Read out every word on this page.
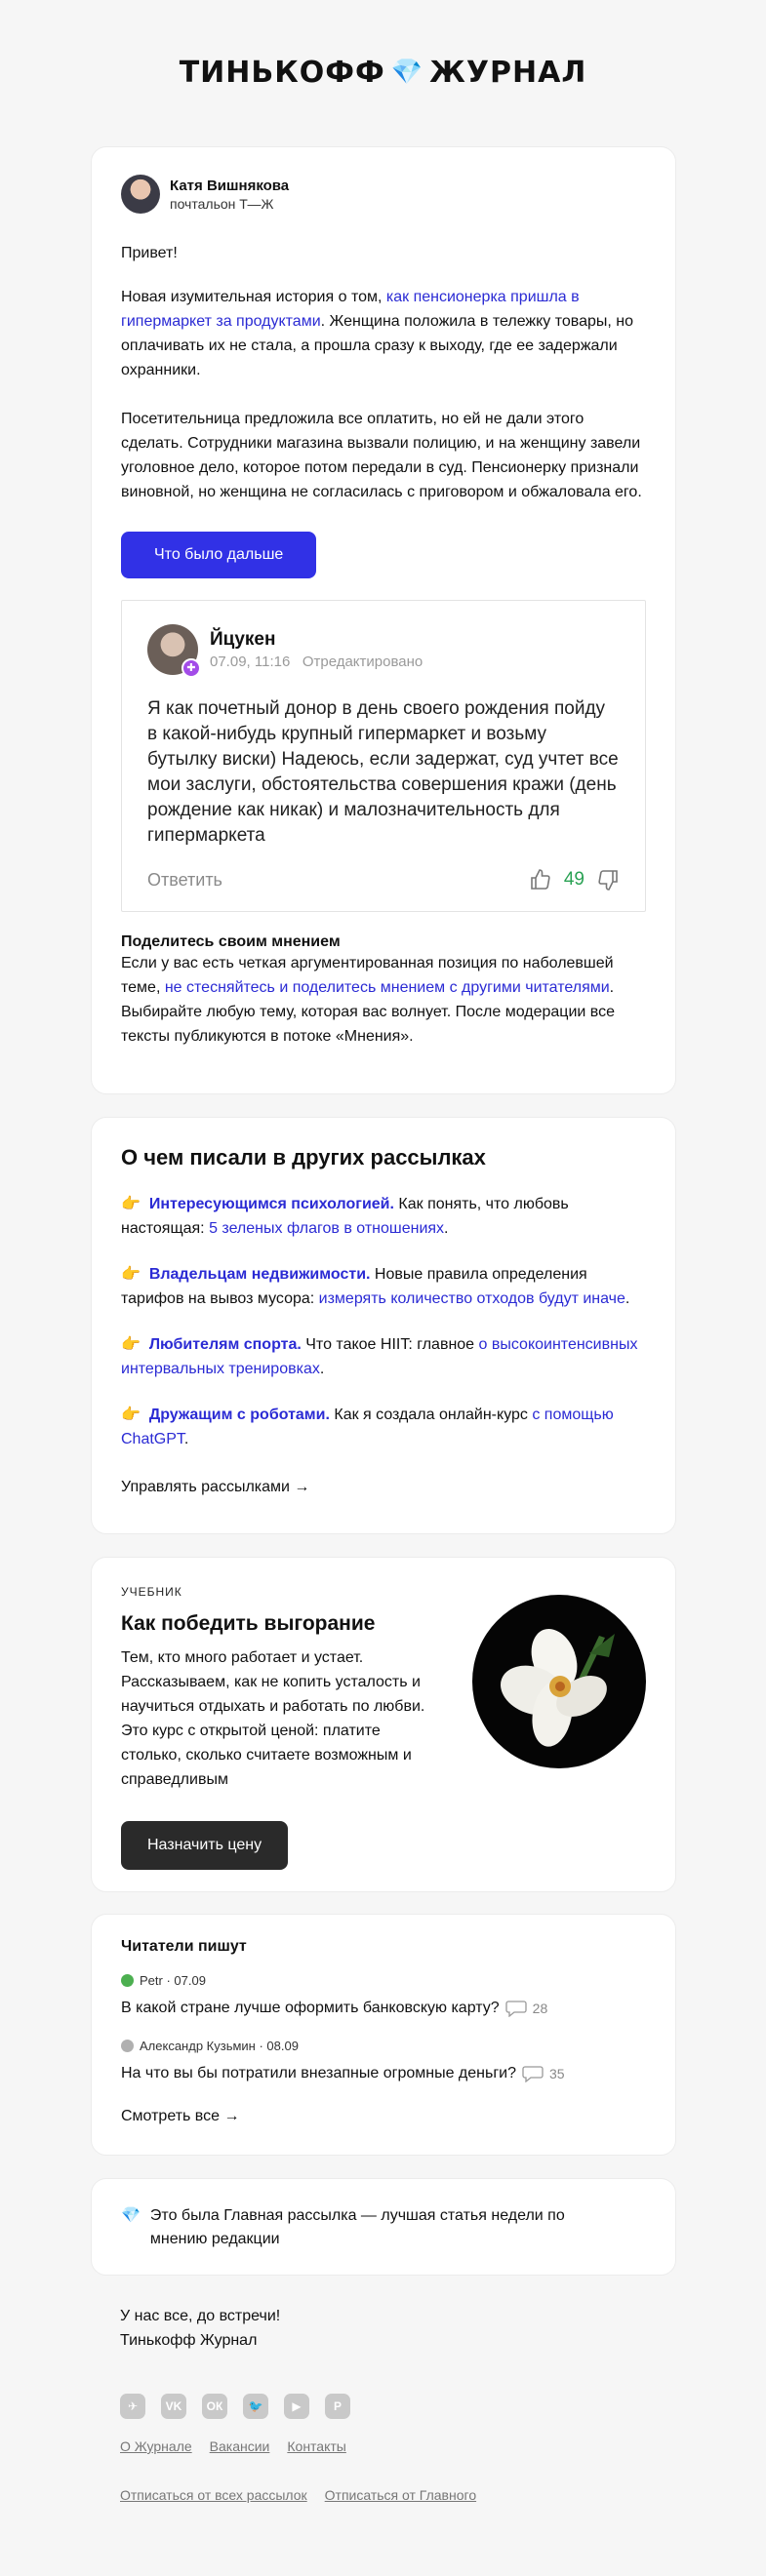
ТИНЬКОФФ 💎 ЖУРНАЛ
Катя Вишнякова
почтальон Т—Ж

Привет!

Новая изумительная история о том, как пенсионерка пришла в гипермаркет за продуктами. Женщина положила в тележку товары, но оплачивать их не стала, а прошла сразу к выходу, где ее задержали охранники.

Посетительница предложила все оплатить, но ей не дали этого сделать. Сотрудники магазина вызвали полицию, и на женщину завели уголовное дело, которое потом передали в суд. Пенсионерку признали виновной, но женщина не согласилась с приговором и обжаловала его.

Что было дальше
✚
Йцукен
07.09, 11:16 Отредактировано
Я как почетный донор в день своего рождения пойду в какой-нибудь крупный гипермаркет и возьму бутылку виски) Надеюсь, если задержат, суд учтет все мои заслуги, обстоятельства совершения кражи (день рождение как никак) и малозначительность для гипермаркета
Ответить	49
Поделитесь своим мнением

Если у вас есть четкая аргументированная позиция по наболевшей теме, не стесняйтесь и поделитесь мнением с другими читателями. Выбирайте любую тему, которая вас волнует. После модерации все тексты публикуются в потоке «Мнения».

О чем писали в других рассылках
👉 Интересующимся психологией. Как понять, что любовь настоящая: 5 зеленых флагов в отношениях.
👉 Владельцам недвижимости. Новые правила определения тарифов на вывоз мусора: измерять количество отходов будут иначе.
👉 Любителям спорта. Что такое HIIT: главное о высокоинтенсивных интервальных тренировках.
👉 Дружащим с роботами. Как я создала онлайн-курс с помощью ChatGPT.
Управлять рассылками →
УЧЕБНИК
Как победить выгорание

Тем, кто много работает и устает. Рассказываем, как не копить усталость и научиться отдыхать и работать по любви. Это курс с открытой ценой: платите столько, сколько считаете возможным и справедливым

Назначить цену
Читатели пишут
Petr · 07.09
В какой стране лучше оформить банковскую карту? 28
Александр Кузьмин · 08.09
На что вы бы потратили внезапные огромные деньги? 35
Смотреть все →
💎 Это была Главная рассылка — лучшая статья недели по мнению редакции
У нас все, до встречи!
Тинькофф Журнал
✈	VK	ОК	🐦	▶	P
О Журнале Вакансии Контакты
Отписаться от всех рассылок Отписаться от Главного
